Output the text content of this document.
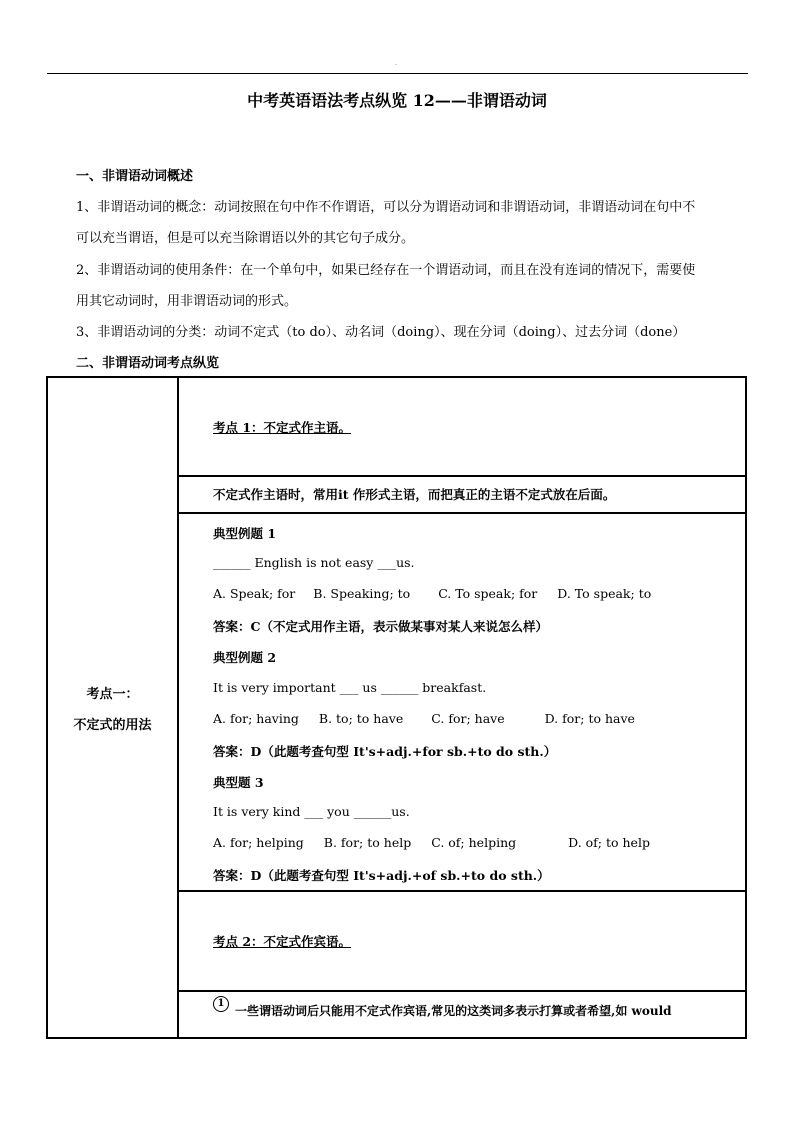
.
中考英语语法考点纵览 12——非谓语动词
一、非谓语动词概述
1、非谓语动词的概念：动词按照在句中作不作谓语，可以分为谓语动词和非谓语动词，非谓语动词在句中不
可以充当谓语，但是可以充当除谓语以外的其它句子成分。
2、非谓语动词的使用条件：在一个单句中，如果已经存在一个谓语动词，而且在没有连词的情况下，需要使
用其它动词时，用非谓语动词的形式。
3、非谓语动词的分类：动词不定式（to do）、动名词（doing）、现在分词（doing）、过去分词（done）
二、非谓语动词考点纵览
考点一：
不定式的用法

考点 1：不定式作主语。

不定式作主语时，常用it 作形式主语，而把真正的主语不定式放在后面。

典型例题 1
______ English is not easy ___us.
A. Speak; for B. Speaking; to C. To speak; for D. To speak; to
答案：C（不定式用作主语，表示做某事对某人来说怎么样）
典型例题 2
It is very important ___ us ______ breakfast.
A. for; having B. to; to have C. for; have	D. for; to have
答案：D（此题考查句型 It's+adj.+for sb.+to do sth.）
典型题 3
It is very kind ___ you ______us.
A. for; helping B. for; to help C. of; helping	D. of; to help
答案：D（此题考查句型 It's+adj.+of sb.+to do sth.）

考点 2：不定式作宾语。

1
一些谓语动词后只能用不定式作宾语,常见的这类词多表示打算或者希望,如 would
